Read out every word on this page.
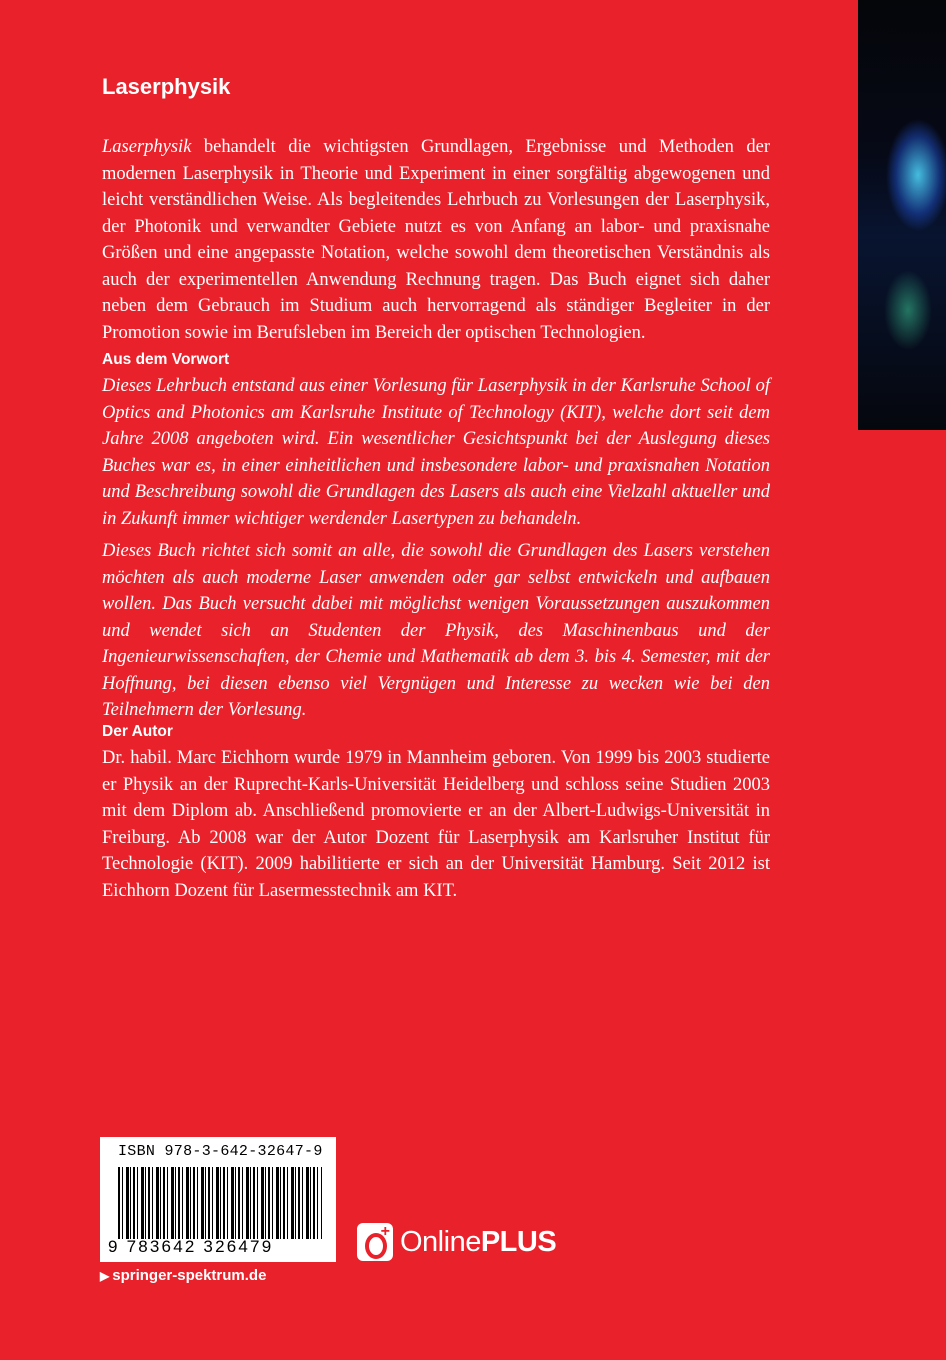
Laserphysik

Laserphysik behandelt die wichtigsten Grundlagen, Ergebnisse und Methoden der modernen Laserphysik in Theorie und Experiment in einer sorgfältig abgewogenen und leicht verständlichen Weise. Als begleitendes Lehrbuch zu Vorlesungen der Laserphysik, der Photonik und verwandter Gebiete nutzt es von Anfang an labor- und praxisnahe Größen und eine angepasste Notation, welche sowohl dem theoretischen Verständnis als auch der experimentellen Anwendung Rechnung tragen. Das Buch eignet sich daher neben dem Gebrauch im Studium auch hervorragend als ständiger Begleiter in der Promotion sowie im Berufsleben im Bereich der optischen Technologien.

Aus dem Vorwort

Dieses Lehrbuch entstand aus einer Vorlesung für Laserphysik in der Karlsruhe School of Optics and Photonics am Karlsruhe Institute of Technology (KIT), welche dort seit dem Jahre 2008 angeboten wird. Ein wesentlicher Gesichtspunkt bei der Auslegung dieses Buches war es, in einer einheitlichen und insbesondere labor- und praxisnahen Notation und Beschreibung sowohl die Grundlagen des Lasers als auch eine Vielzahl aktueller und in Zukunft immer wichtiger werdender Lasertypen zu behandeln.

Dieses Buch richtet sich somit an alle, die sowohl die Grundlagen des Lasers verstehen möchten als auch moderne Laser anwenden oder gar selbst entwickeln und aufbauen wollen. Das Buch versucht dabei mit möglichst wenigen Voraussetzungen auszukommen und wendet sich an Studenten der Physik, des Maschinenbaus und der Ingenieurwissenschaften, der Chemie und Mathematik ab dem 3. bis 4. Semester, mit der Hoffnung, bei diesen ebenso viel Vergnügen und Interesse zu wecken wie bei den Teilnehmern der Vorlesung.

Der Autor

Dr. habil. Marc Eichhorn wurde 1979 in Mannheim geboren. Von 1999 bis 2003 studierte er Physik an der Ruprecht-Karls-Universität Heidelberg und schloss seine Studien 2003 mit dem Diplom ab. Anschließend promovierte er an der Albert-Ludwigs-Universität in Freiburg. Ab 2008 war der Autor Dozent für Laserphysik am Karlsruher Institut für Technologie (KIT). 2009 habilitierte er sich an der Universität Hamburg. Seit 2012 ist Eichhorn Dozent für Lasermesstechnik am KIT.

ISBN 978-3-642-32647-9
9 783642 326479
+ OnlinePLUS
▶ springer-spektrum.de
